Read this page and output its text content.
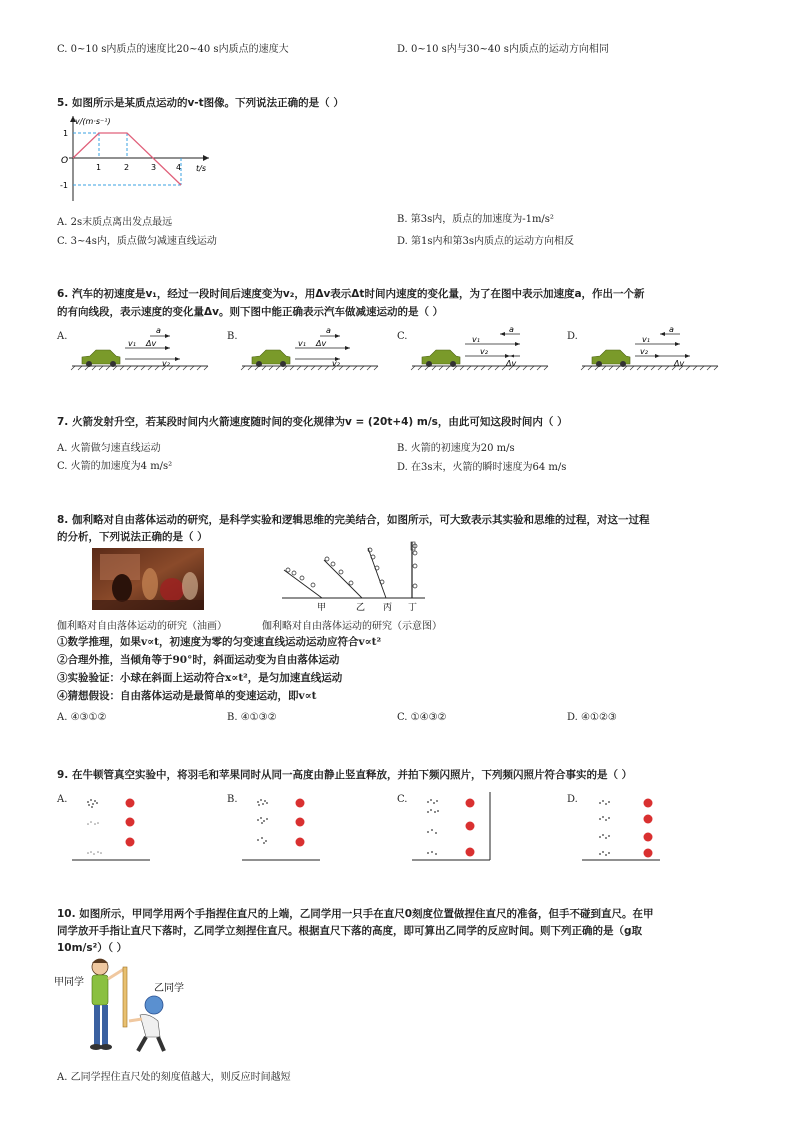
C. 0~10 s内质点的速度比20~40 s内质点的速度大	D. 0~10 s内与30~40 s内质点的运动方向相同
5. 如图所示是某质点运动的v-t图像。下列说法正确的是（ ）
v/(m·s⁻¹)
t/s
O
1
-1
1	2	3 4
A. 2s末质点离出发点最远	B. 第3s内，质点的加速度为-1m/s²
C. 3~4s内，质点做匀减速直线运动	D. 第1s内和第3s内质点的运动方向相反
6. 汽车的初速度是v₁，经过一段时间后速度变为v₂，用Δv表示Δt时间内速度的变化量，为了在图中表示加速度a，作出一个新
的有向线段，表示速度的变化量Δv。则下图中能正确表示汽车做减速运动的是（ ）
A.
a
v₁ Δv
v₂
B.
a
v₁ Δv
v₂
C.
a
v₁
v₂
Δv
D.
a
v₁
v₂
Δv
7. 火箭发射升空，若某段时间内火箭速度随时间的变化规律为v = (20t+4) m/s，由此可知这段时间内（ ）
A. 火箭做匀速直线运动	B. 火箭的初速度为20 m/s
C. 火箭的加速度为4 m/s²	D. 在3s末，火箭的瞬时速度为64 m/s
8. 伽利略对自由落体运动的研究，是科学实验和逻辑思维的完美结合，如图所示，可大致表示其实验和思维的过程，对这一过程
的分析，下列说法正确的是（ ）
甲	乙 丙 丁
伽利略对自由落体运动的研究（油画）	伽利略对自由落体运动的研究（示意图）
①数学推理，如果v∝t，初速度为零的匀变速直线运动运动应符合v∝t²
②合理外推，当倾角等于90°时，斜面运动变为自由落体运动
③实验验证：小球在斜面上运动符合x∝t²，是匀加速直线运动
④猜想假设：自由落体运动是最简单的变速运动，即v∝t
A. ④③①②	B. ④①③②	C. ①④③②	D. ④①②③
9. 在牛顿管真空实验中，将羽毛和苹果同时从同一高度由静止竖直释放，并拍下频闪照片，下列频闪照片符合事实的是（ ）
A.	B.	C.	D.
10. 如图所示，甲同学用两个手指捏住直尺的上端，乙同学用一只手在直尺0刻度位置做捏住直尺的准备，但手不碰到直尺。在甲
同学放开手指让直尺下落时，乙同学立刻捏住直尺。根据直尺下落的高度，即可算出乙同学的反应时间。则下列正确的是（g取
10m/s²）（ ）
甲同学
乙同学
A. 乙同学捏住直尺处的刻度值越大，则反应时间越短
